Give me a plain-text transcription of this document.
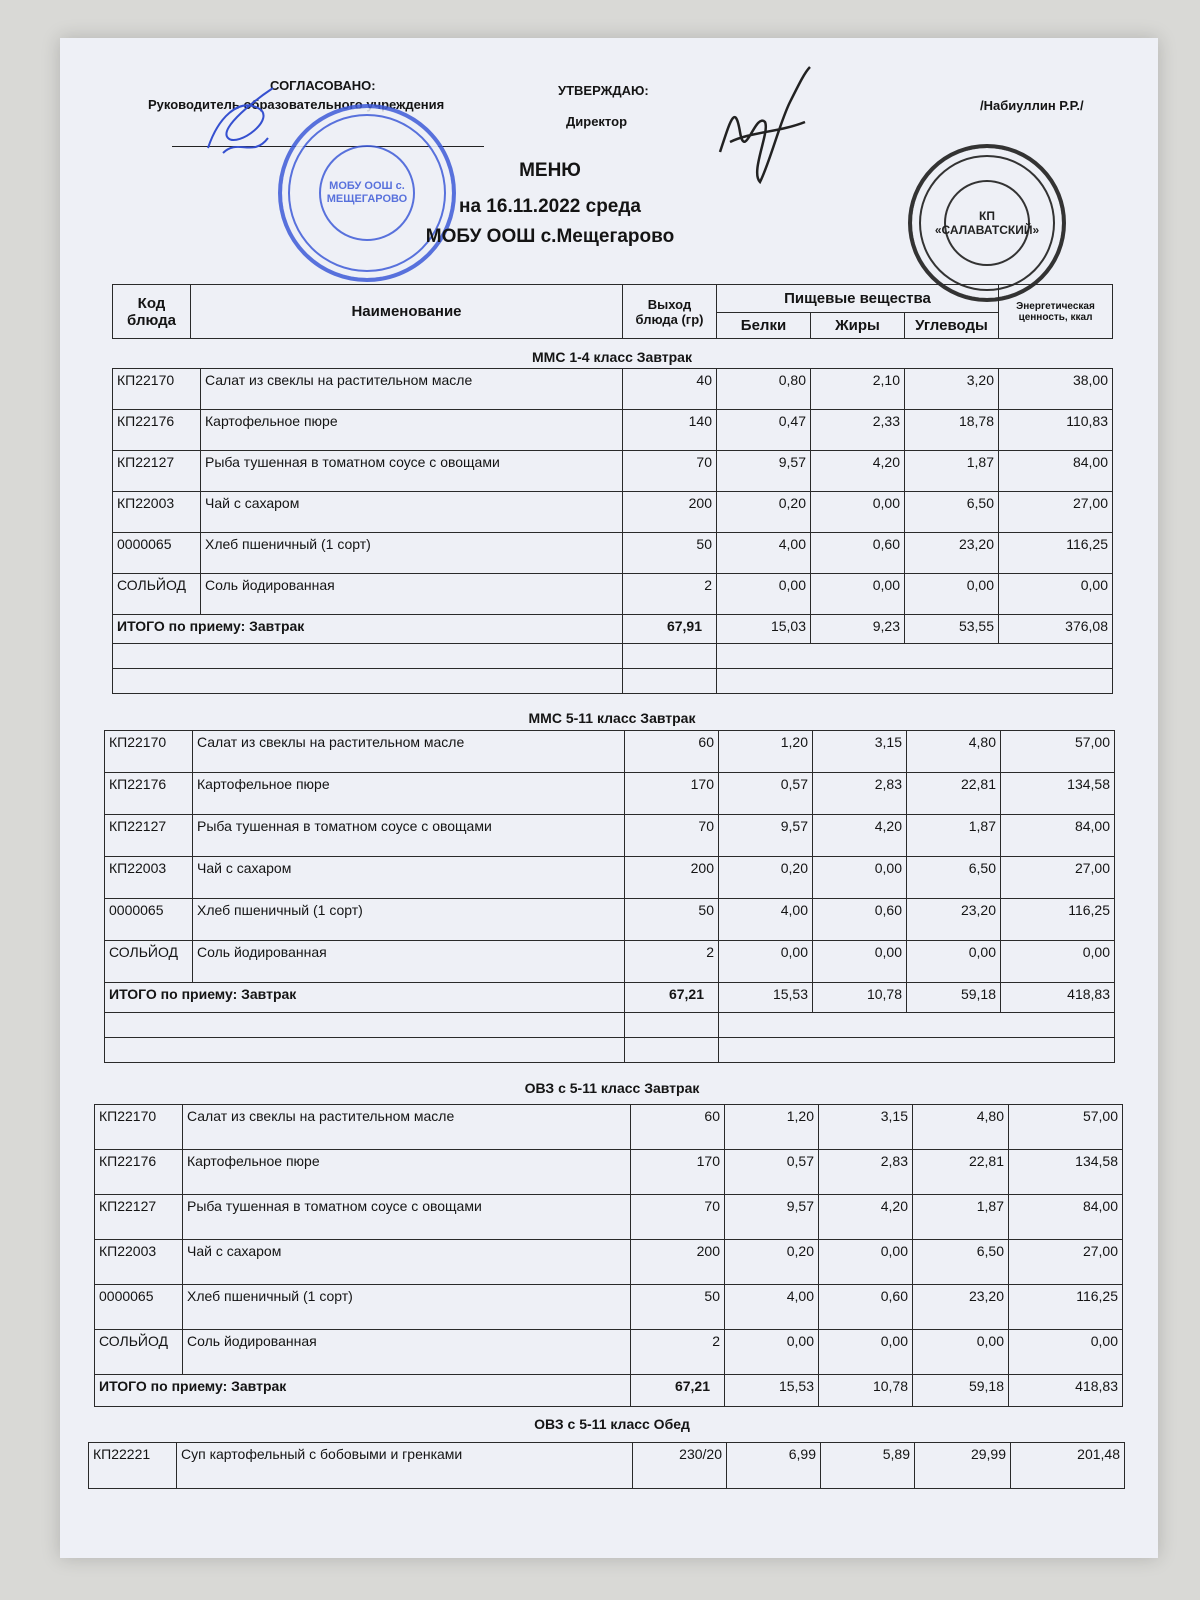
СОГЛАСОВАНО:
Руководитель образовательного учреждения
УТВЕРЖДАЮ:
Директор
/Набиуллин Р.Р./
МОБУ ООШ с. МЕЩЕГАРОВО
КП «САЛАВАТСКИЙ»
МЕНЮ
на 16.11.2022 среда
МОБУ ООШ с.Мещегарово
Код блюда	Наименование	Выход блюда (гр)	Пищевые вещества			Энергетическая ценность, ккал
			Белки	Жиры	Углеводы	
ММС 1-4 класс Завтрак
КП22170	Салат из свеклы на растительном масле	40	0,80	2,10	3,20	38,00
КП22176	Картофельное пюре	140	0,47	2,33	18,78	110,83
КП22127	Рыба тушенная в томатном соусе с овощами	70	9,57	4,20	1,87	84,00
КП22003	Чай с сахаром	200	0,20	0,00	6,50	27,00
0000065	Хлеб пшеничный (1 сорт)	50	4,00	0,60	23,20	116,25
СОЛЬЙОД	Соль йодированная	2	0,00	0,00	0,00	0,00
ИТОГО по приему: Завтрак		67,91	15,03	9,23	53,55	376,08

ММС 5-11 класс Завтрак
КП22170	Салат из свеклы на растительном масле	60	1,20	3,15	4,80	57,00
КП22176	Картофельное пюре	170	0,57	2,83	22,81	134,58
КП22127	Рыба тушенная в томатном соусе с овощами	70	9,57	4,20	1,87	84,00
КП22003	Чай с сахаром	200	0,20	0,00	6,50	27,00
0000065	Хлеб пшеничный (1 сорт)	50	4,00	0,60	23,20	116,25
СОЛЬЙОД	Соль йодированная	2	0,00	0,00	0,00	0,00
ИТОГО по приему: Завтрак		67,21	15,53	10,78	59,18	418,83

ОВЗ с 5-11 класс Завтрак
КП22170	Салат из свеклы на растительном масле	60	1,20	3,15	4,80	57,00
КП22176	Картофельное пюре	170	0,57	2,83	22,81	134,58
КП22127	Рыба тушенная в томатном соусе с овощами	70	9,57	4,20	1,87	84,00
КП22003	Чай с сахаром	200	0,20	0,00	6,50	27,00
0000065	Хлеб пшеничный (1 сорт)	50	4,00	0,60	23,20	116,25
СОЛЬЙОД	Соль йодированная	2	0,00	0,00	0,00	0,00
ИТОГО по приему: Завтрак		67,21	15,53	10,78	59,18	418,83
ОВЗ с 5-11 класс Обед
КП22221	Суп картофельный с бобовыми и гренками	230/20	6,99	5,89	29,99	201,48
